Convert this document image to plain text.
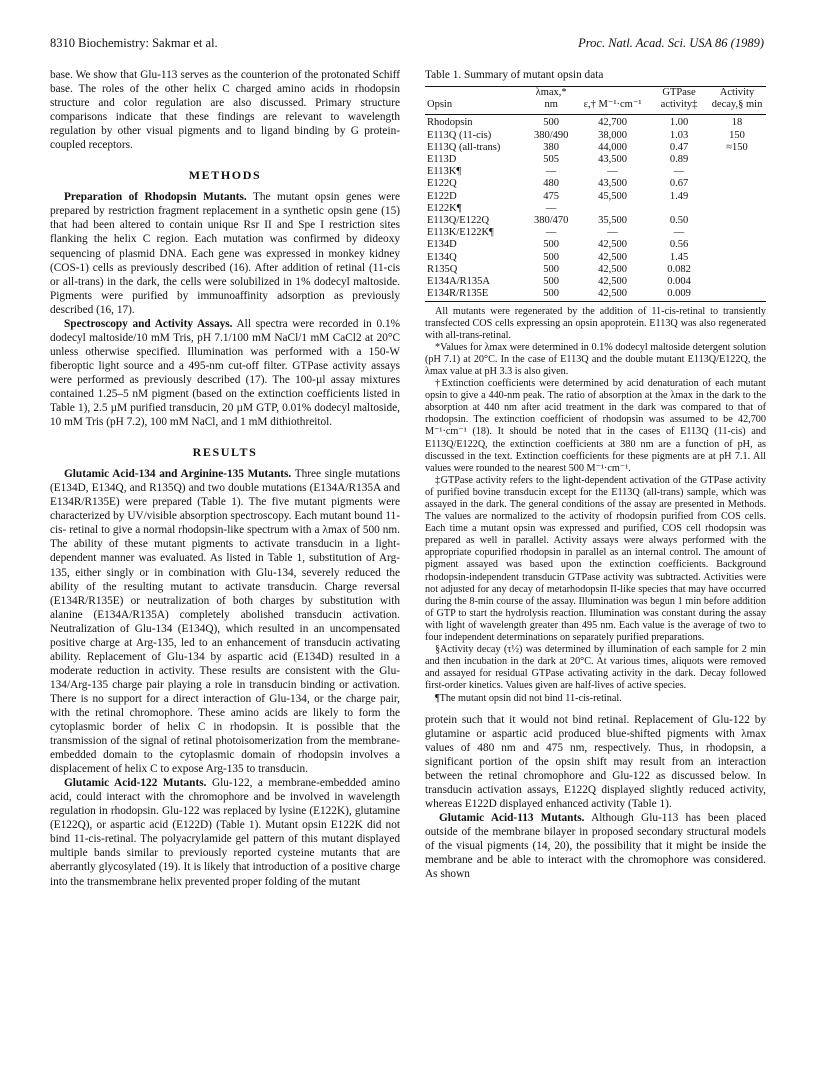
8310 Biochemistry: Sakmar et al.	Proc. Natl. Acad. Sci. USA 86 (1989)

base. We show that Glu-113 serves as the counterion of the protonated Schiff base. The roles of the other helix C charged amino acids in rhodopsin structure and color regulation are also discussed. Primary structure comparisons indicate that these findings are relevant to wavelength regulation by other visual pigments and to ligand binding by G protein-coupled receptors.

METHODS

Preparation of Rhodopsin Mutants. The mutant opsin genes were prepared by restriction fragment replacement in a synthetic opsin gene (15) that had been altered to contain unique Rsr II and Spe I restriction sites flanking the helix C region. Each mutation was confirmed by dideoxy sequencing of plasmid DNA. Each gene was expressed in monkey kidney (COS-1) cells as previously described (16). After addition of retinal (11-cis or all-trans) in the dark, the cells were solubilized in 1% dodecyl maltoside. Pigments were purified by immunoaffinity adsorption as previously described (16, 17).

Spectroscopy and Activity Assays. All spectra were recorded in 0.1% dodecyl maltoside/10 mM Tris, pH 7.1/100 mM NaCl/1 mM CaCl2 at 20°C unless otherwise specified. Illumination was performed with a 150-W fiberoptic light source and a 495-nm cut-off filter. GTPase activity assays were performed as previously described (17). The 100-µl assay mixtures contained 1.25–5 nM pigment (based on the extinction coefficients listed in Table 1), 2.5 µM purified transducin, 20 µM GTP, 0.01% dodecyl maltoside, 10 mM Tris (pH 7.2), 100 mM NaCl, and 1 mM dithiothreitol.

RESULTS

Glutamic Acid-134 and Arginine-135 Mutants. Three single mutations (E134D, E134Q, and R135Q) and two double mutations (E134A/R135A and E134R/R135E) were prepared (Table 1). The five mutant pigments were characterized by UV/visible absorption spectroscopy. Each mutant bound 11-cis- retinal to give a normal rhodopsin-like spectrum with a λmax of 500 nm. The ability of these mutant pigments to activate transducin in a light-dependent manner was evaluated. As listed in Table 1, substitution of Arg-135, either singly or in combination with Glu-134, severely reduced the ability of the resulting mutant to activate transducin. Charge reversal (E134R/R135E) or neutralization of both charges by substitution with alanine (E134A/R135A) completely abolished transducin activation. Neutralization of Glu-134 (E134Q), which resulted in an uncompensated positive charge at Arg-135, led to an enhancement of transducin activating ability. Replacement of Glu-134 by aspartic acid (E134D) resulted in a moderate reduction in activity. These results are consistent with the Glu-134/Arg-135 charge pair playing a role in transducin binding or activation. There is no support for a direct interaction of Glu-134, or the charge pair, with the retinal chromophore. These amino acids are likely to form the cytoplasmic border of helix C in rhodopsin. It is possible that the transmission of the signal of retinal photoisomerization from the membrane-embedded domain to the cytoplasmic domain of rhodopsin involves a displacement of helix C to expose Arg-135 to transducin.

Glutamic Acid-122 Mutants. Glu-122, a membrane-embedded amino acid, could interact with the chromophore and be involved in wavelength regulation in rhodopsin. Glu-122 was replaced by lysine (E122K), glutamine (E122Q), or aspartic acid (E122D) (Table 1). Mutant opsin E122K did not bind 11-cis-retinal. The polyacrylamide gel pattern of this mutant displayed multiple bands similar to previously reported cysteine mutants that are aberrantly glycosylated (19). It is likely that introduction of a positive charge into the transmembrane helix prevented proper folding of the mutant

Table 1. Summary of mutant opsin data

Opsin	λmax,* nm	ε,† M⁻¹·cm⁻¹	GTPase activity‡	Activity decay,§ min
Rhodopsin	500	42,700	1.00	18
E113Q (11-cis)	380/490	38,000	1.03	150
E113Q (all-trans)	380	44,000	0.47	≈150
E113D	505	43,500	0.89	
E113K¶	—	—	—	
E122Q	480	43,500	0.67	
E122D	475	45,500	1.49	
E122K¶	—			
E113Q/E122Q	380/470	35,500	0.50	
E113K/E122K¶	—	—	—	
E134D	500	42,500	0.56	
E134Q	500	42,500	1.45	
R135Q	500	42,500	0.082	
E134A/R135A	500	42,500	0.004	
E134R/R135E	500	42,500	0.009	

All mutants were regenerated by the addition of 11-cis-retinal to transiently transfected COS cells expressing an opsin apoprotein. E113Q was also regenerated with all-trans-retinal.

*Values for λmax were determined in 0.1% dodecyl maltoside detergent solution (pH 7.1) at 20°C. In the case of E113Q and the double mutant E113Q/E122Q, the λmax value at pH 3.3 is also given.

†Extinction coefficients were determined by acid denaturation of each mutant opsin to give a 440-nm peak. The ratio of absorption at the λmax in the dark to the absorption at 440 nm after acid treatment in the dark was compared to that of rhodopsin. The extinction coefficient of rhodopsin was assumed to be 42,700 M⁻¹·cm⁻¹ (18). It should be noted that in the cases of E113Q (11-cis) and E113Q/E122Q, the extinction coefficients at 380 nm are a function of pH, as discussed in the text. Extinction coefficients for these pigments are at pH 7.1. All values were rounded to the nearest 500 M⁻¹·cm⁻¹.

‡GTPase activity refers to the light-dependent activation of the GTPase activity of purified bovine transducin except for the E113Q (all-trans) sample, which was assayed in the dark. The general conditions of the assay are presented in Methods. The values are normalized to the activity of rhodopsin purified from COS cells. Each time a mutant opsin was expressed and purified, COS cell rhodopsin was prepared as well in parallel. Activity assays were always performed with the appropriate copurified rhodopsin in parallel as an internal control. The amount of pigment assayed was based upon the extinction coefficients. Background rhodopsin-independent transducin GTPase activity was subtracted. Activities were not adjusted for any decay of metarhodopsin II-like species that may have occurred during the 8-min course of the assay. Illumination was begun 1 min before addition of GTP to start the hydrolysis reaction. Illumination was constant during the assay with light of wavelength greater than 495 nm. Each value is the average of two to four independent determinations on separately purified preparations.

§Activity decay (τ½) was determined by illumination of each sample for 2 min and then incubation in the dark at 20°C. At various times, aliquots were removed and assayed for residual GTPase activating activity in the dark. Decay followed first-order kinetics. Values given are half-lives of active species.

¶The mutant opsin did not bind 11-cis-retinal.

protein such that it would not bind retinal. Replacement of Glu-122 by glutamine or aspartic acid produced blue-shifted pigments with λmax values of 480 nm and 475 nm, respectively. Thus, in rhodopsin, a significant portion of the opsin shift may result from an interaction between the retinal chromophore and Glu-122 as discussed below. In transducin activation assays, E122Q displayed slightly reduced activity, whereas E122D displayed enhanced activity (Table 1).

Glutamic Acid-113 Mutants. Although Glu-113 has been placed outside of the membrane bilayer in proposed secondary structural models of the visual pigments (14, 20), the possibility that it might be inside the membrane and be able to interact with the chromophore was considered. As shown
